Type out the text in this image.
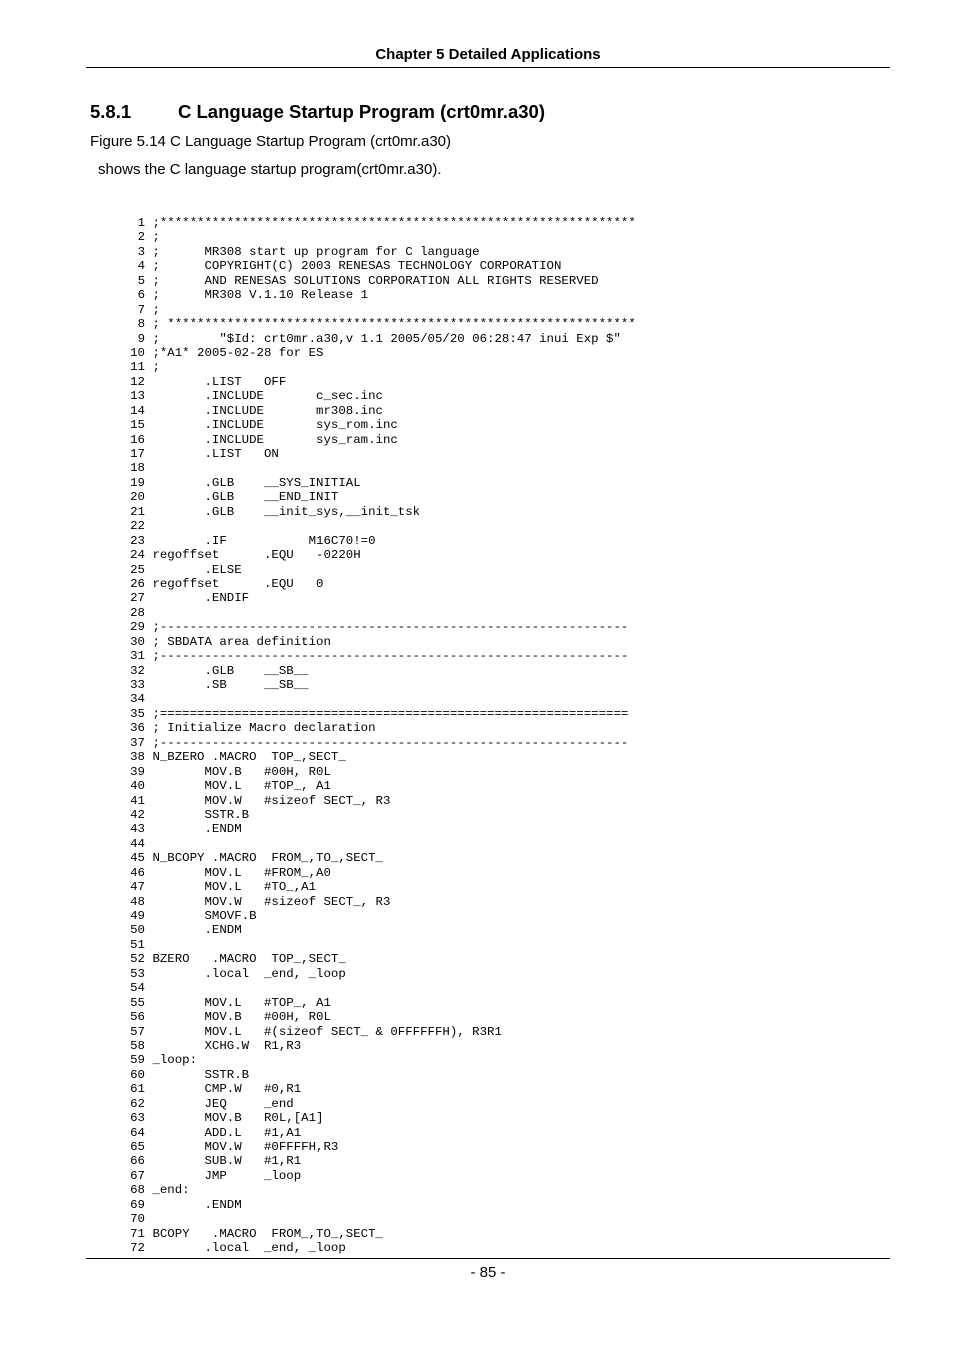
Chapter 5 Detailed Applications
5.8.1	C Language Startup Program (crt0mr.a30)
Figure 5.14 C Language Startup Program (crt0mr.a30)
shows the C language startup program(crt0mr.a30).
1 ;****************************************************************
2 ;
3 ;      MR308 start up program for C language
4 ;      COPYRIGHT(C) 2003 RENESAS TECHNOLOGY CORPORATION
5 ;      AND RENESAS SOLUTIONS CORPORATION ALL RIGHTS RESERVED
6 ;      MR308 V.1.10 Release 1
7 ;
8 ; ***************************************************************
9 ;        "$Id: crt0mr.a30,v 1.1 2005/05/20 06:28:47 inui Exp $"
10 ;*A1* 2005-02-28 for ES
11 ;
12        .LIST   OFF
13        .INCLUDE       c_sec.inc
14        .INCLUDE       mr308.inc
15        .INCLUDE       sys_rom.inc
16        .INCLUDE       sys_ram.inc
17        .LIST   ON
18
19        .GLB    __SYS_INITIAL
20        .GLB    __END_INIT
21        .GLB    __init_sys,__init_tsk
22
23        .IF           M16C70!=0
24 regoffset      .EQU   -0220H
25        .ELSE
26 regoffset      .EQU   0
27        .ENDIF
28
29 ;---------------------------------------------------------------
30 ; SBDATA area definition
31 ;---------------------------------------------------------------
32        .GLB    __SB__
33        .SB     __SB__
34
35 ;===============================================================
36 ; Initialize Macro declaration
37 ;---------------------------------------------------------------
38 N_BZERO .MACRO  TOP_,SECT_
39        MOV.B   #00H, R0L
40        MOV.L   #TOP_, A1
41        MOV.W   #sizeof SECT_, R3
42        SSTR.B
43        .ENDM
44
45 N_BCOPY .MACRO  FROM_,TO_,SECT_
46        MOV.L   #FROM_,A0
47        MOV.L   #TO_,A1
48        MOV.W   #sizeof SECT_, R3
49        SMOVF.B
50        .ENDM
51
52 BZERO   .MACRO  TOP_,SECT_
53        .local  _end, _loop
54
55        MOV.L   #TOP_, A1
56        MOV.B   #00H, R0L
57        MOV.L   #(sizeof SECT_ & 0FFFFFFH), R3R1
58        XCHG.W  R1,R3
59 _loop:
60        SSTR.B
61        CMP.W   #0,R1
62        JEQ     _end
63        MOV.B   R0L,[A1]
64        ADD.L   #1,A1
65        MOV.W   #0FFFFH,R3
66        SUB.W   #1,R1
67        JMP     _loop
68 _end:
69        .ENDM
70
71 BCOPY   .MACRO  FROM_,TO_,SECT_
72        .local  _end, _loop
- 85 -
